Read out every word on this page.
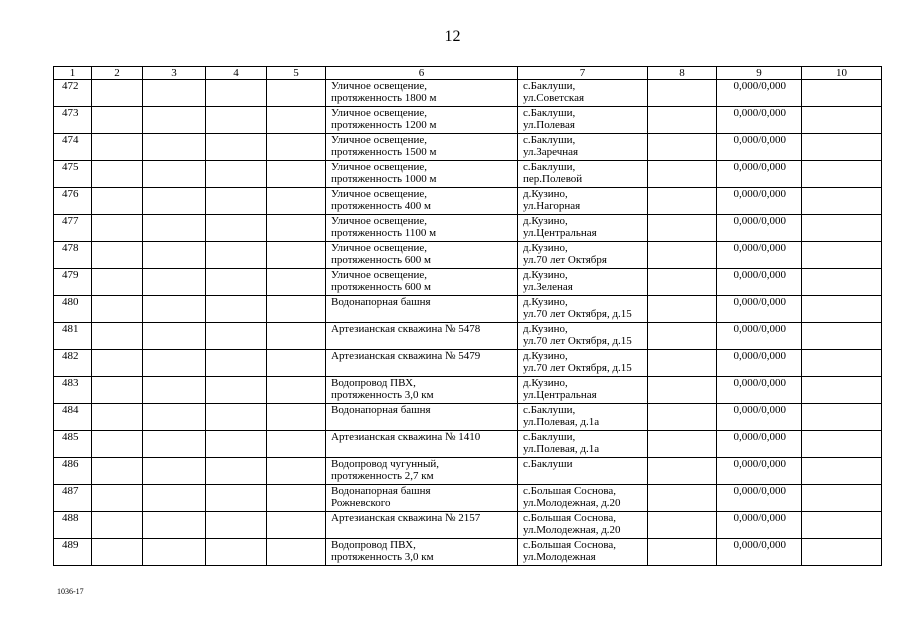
12
1	2	3	4	5	6	7	8	9	10
472					Уличное освещение,
протяженность 1800 м	с.Баклуши,
ул.Советская		0,000/0,000	
473					Уличное освещение,
протяженность 1200 м	с.Баклуши,
ул.Полевая		0,000/0,000	
474					Уличное освещение,
протяженность 1500 м	с.Баклуши,
ул.Заречная		0,000/0,000	
475					Уличное освещение,
протяженность 1000 м	с.Баклуши,
пер.Полевой		0,000/0,000	
476					Уличное освещение,
протяженность 400 м	д.Кузино,
ул.Нагорная		0,000/0,000	
477					Уличное освещение,
протяженность 1100 м	д.Кузино,
ул.Центральная		0,000/0,000	
478					Уличное освещение,
протяженность 600 м	д.Кузино,
ул.70 лет Октября		0,000/0,000	
479					Уличное освещение,
протяженность 600 м	д.Кузино,
ул.Зеленая		0,000/0,000	
480					Водонапорная башня	д.Кузино,
ул.70 лет Октября, д.15		0,000/0,000	
481					Артезианская скважина № 5478	д.Кузино,
ул.70 лет Октября, д.15		0,000/0,000	
482					Артезианская скважина № 5479	д.Кузино,
ул.70 лет Октября, д.15		0,000/0,000	
483					Водопровод ПВХ,
протяженность 3,0 км	д.Кузино,
ул.Центральная		0,000/0,000	
484					Водонапорная башня	с.Баклуши,
ул.Полевая, д.1а		0,000/0,000	
485					Артезианская скважина № 1410	с.Баклуши,
ул.Полевая, д.1а		0,000/0,000	
486					Водопровод чугунный,
протяженность 2,7 км	с.Баклуши		0,000/0,000	
487					Водонапорная башня
Рожневского	с.Большая Соснова,
ул.Молодежная, д.20		0,000/0,000	
488					Артезианская скважина № 2157	с.Большая Соснова,
ул.Молодежная, д.20		0,000/0,000	
489					Водопровод ПВХ,
протяженность 3,0 км	с.Большая Соснова,
ул.Молодежная		0,000/0,000	
1036-17
